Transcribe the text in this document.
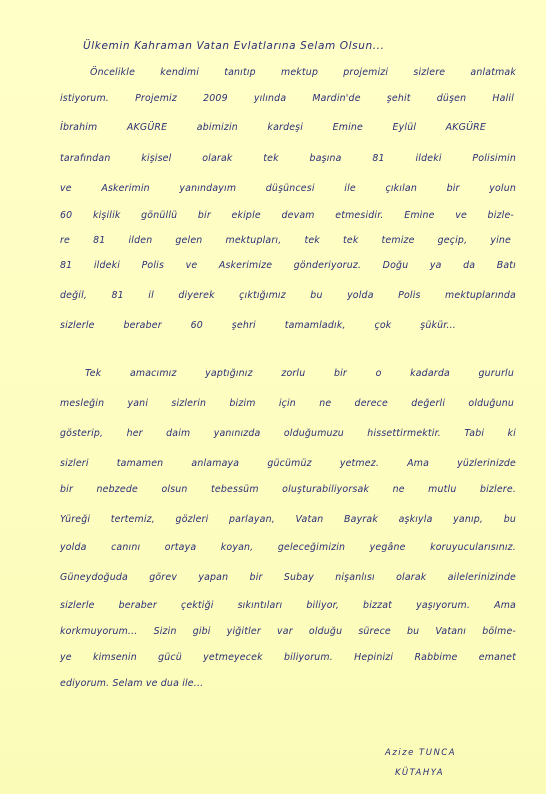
Ülkemin Kahraman Vatan Evlatlarına Selam Olsun...
Öncelikle kendimi tanıtıp mektup projemizi sizlere anlatmak
istiyorum. Projemiz 2009 yılında Mardin'de şehit düşen Halil
İbrahim AKGÜRE abimizin kardeşi Emine Eylül AKGÜRE
tarafından kişisel olarak tek başına 81 ildeki Polisimin
ve Askerimin yanındayım düşüncesi ile çıkılan bir yolun
60 kişilik gönüllü bir ekiple devam etmesidir. Emine ve bizle-
re 81 ilden gelen mektupları, tek tek temize geçip, yine
81 ildeki Polis ve Askerimize gönderiyoruz. Doğu ya da Batı
değil, 81 il diyerek çıktığımız bu yolda Polis mektuplarında
sizlerle beraber 60 şehri tamamladık, çok şükür...
Tek amacımız yaptığınız zorlu bir o kadarda gururlu
mesleğin yani sizlerin bizim için ne derece değerli olduğunu
gösterip, her daim yanınızda olduğumuzu hissettirmektir. Tabi ki
sizleri tamamen anlamaya gücümüz yetmez. Ama yüzlerinizde
bir nebzede olsun tebessüm oluşturabiliyorsak ne mutlu bizlere.
Yüreği tertemiz, gözleri parlayan, Vatan Bayrak aşkıyla yanıp, bu
yolda canını ortaya koyan, geleceğimizin yegâne koruyucularısınız.
Güneydoğuda görev yapan bir Subay nişanlısı olarak ailelerinizinde
sizlerle beraber çektiği sıkıntıları biliyor, bizzat yaşıyorum. Ama
korkmuyorum... Sizin gibi yiğitler var olduğu sürece bu Vatanı bölme-
ye kimsenin gücü yetmeyecek biliyorum. Hepinizi Rabbime emanet
ediyorum. Selam ve dua ile...
Azize TUNCA
KÜTAHYA
